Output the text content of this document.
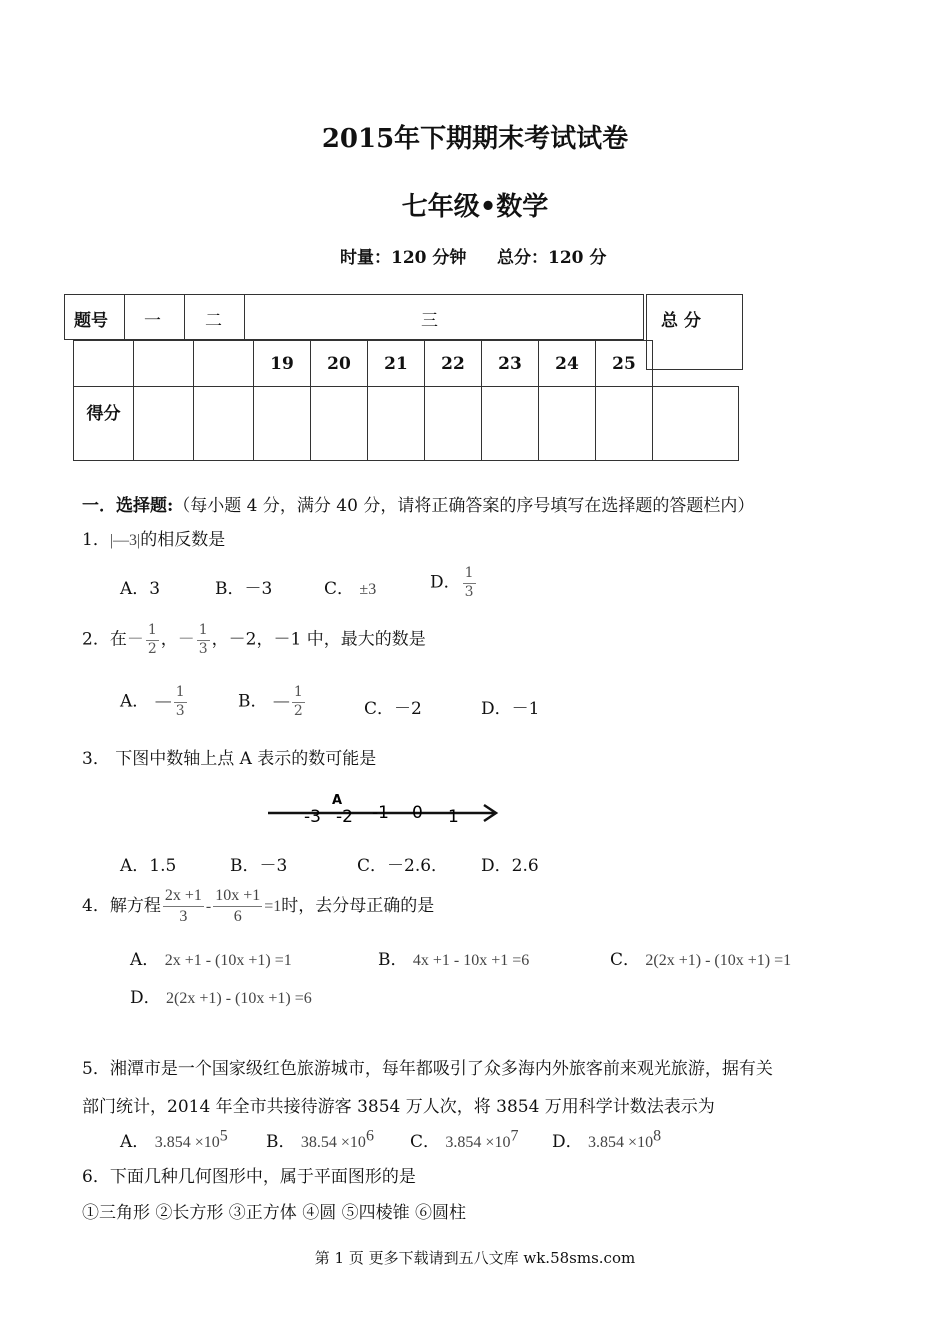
2015年下期期末考试试卷
七年级•数学
时量：120 分钟 总分：120 分
题号 一	二	三	总 分
			19	20	21	22	23	24	25	
得分										
一．选择题:（每小题 4 分，满分 40 分，请将正确答案的序号填写在选择题的答题栏内）
1．|—3|的相反数是
A．3	B．－3	C． ±3	D． $\frac{1}{3}$
2．在－ $\frac{1}{2}$ ，－ $\frac{1}{3}$ ，－2，－1 中，最大的数是
A． — $\frac{1}{3}$	B． — $\frac{1}{2}$	C．－2	D．－1
3． 下图中数轴上点 A 表示的数可能是
A
-3 -2 -1 0 1
A．1.5	B．－3	C．－2.6． D．2.6
4．解方程 $\frac{2x +1}{3} - \frac{10x +1}{6} =1$时，去分母正确的是
A． 2x +1 - (10x +1) =1	B． 4x +1 - 10x +1 =6	C． 2(2x +1) - (10x +1) =1
D． 2(2x +1) - (10x +1) =6
5．湘潭市是一个国家级红色旅游城市，每年都吸引了众多海内外旅客前来观光旅游，据有关
部门统计，2014 年全市共接待游客 3854 万人次，将 3854 万用科学计数法表示为
A． $3.854 \times 10^5$ B． $38.54 \times 10^6$ C． $3.854 \times 10^7$ D． $3.854 \times 10^8$
6．下面几种几何图形中，属于平面图形的是
①三角形 ②长方形 ③正方体 ④圆 ⑤四棱锥 ⑥圆柱
第 1 页 更多下载请到五八文库 wk.58sms.com
